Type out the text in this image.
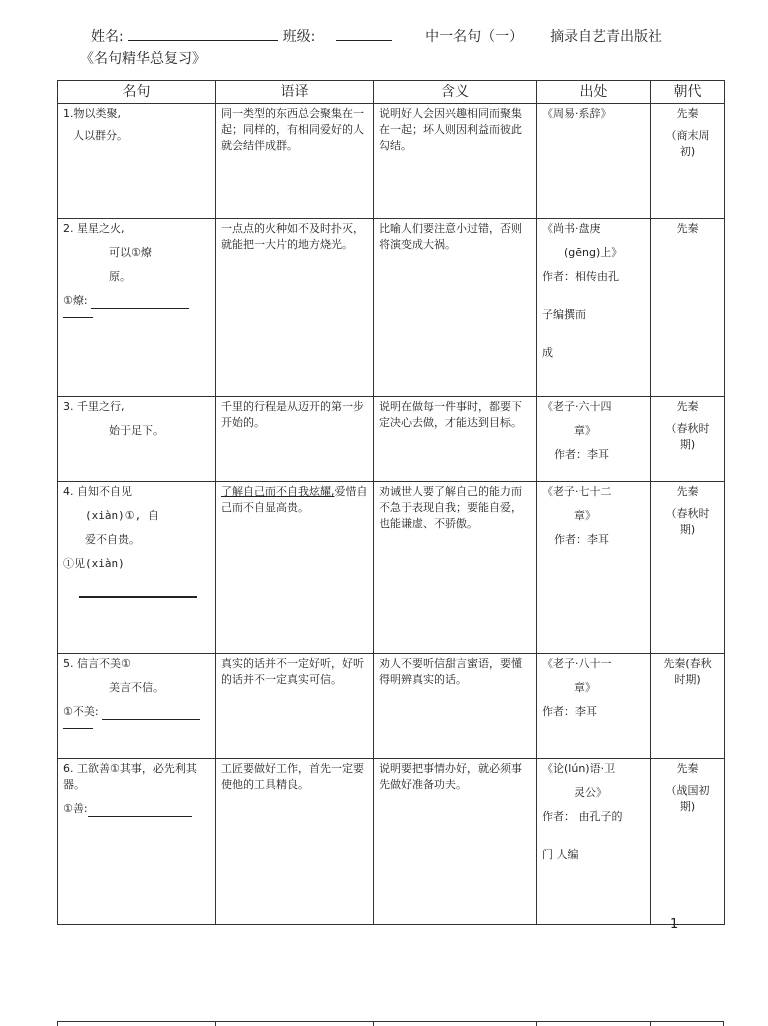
姓名:	班级:	中一名句（一） 摘录自艺青出版社
《名句精华总复习》
名句	语译	含义	出处	朝代

1.物以类聚,
人以群分。	同一类型的东西总会聚集在一起；同样的，有相同爱好的人就会结伴成群。	说明好人会因兴趣相同而聚集在一起；坏人则因利益而彼此勾结。	《周易·系辞》	先秦
（商末周
初)

2. 星星之火,
可以①燎
原。
①燎:	一点点的火种如不及时扑灭，就能把一大片的地方烧光。	比喻人们要注意小过错，否则将演变成大祸。	《尚书·盘庚
(gēng)上》
作者：相传由孔
子编撰而
成	先秦

3. 千里之行,
始于足下。	千里的行程是从迈开的第一步开始的。	说明在做每一件事时，都要下定决心去做，才能达到目标。	《老子·六十四
章》
作者：李耳	先秦
（春秋时
期)

4. 自知不自见
(xiàn)①, 自
爱不自贵。
①见(xiàn)	了解自己而不自我炫耀,爱惜自己而不自显高贵。	劝诫世人要了解自己的能力而不急于表现自我；要能自爱，也能谦虚、不骄傲。	《老子·七十二
章》
作者：李耳	先秦
（春秋时
期)

5. 信言不美①
美言不信。
①不美:	真实的话并不一定好听，好听的话并不一定真实可信。	劝人不要听信甜言蜜语，要懂得明辨真实的话。	《老子·八十一
章》
作者：李耳	先秦(春秋
时期)

6. 工欲善①其事，必先利其器。
①善:	工匠要做好工作，首先一定要使他的工具精良。	说明要把事情办好，就必须事先做好准备功夫。	《论(lún)语·卫
灵公》
作者： 由孔子的
门 人编	先秦
（战国初
期)
1
